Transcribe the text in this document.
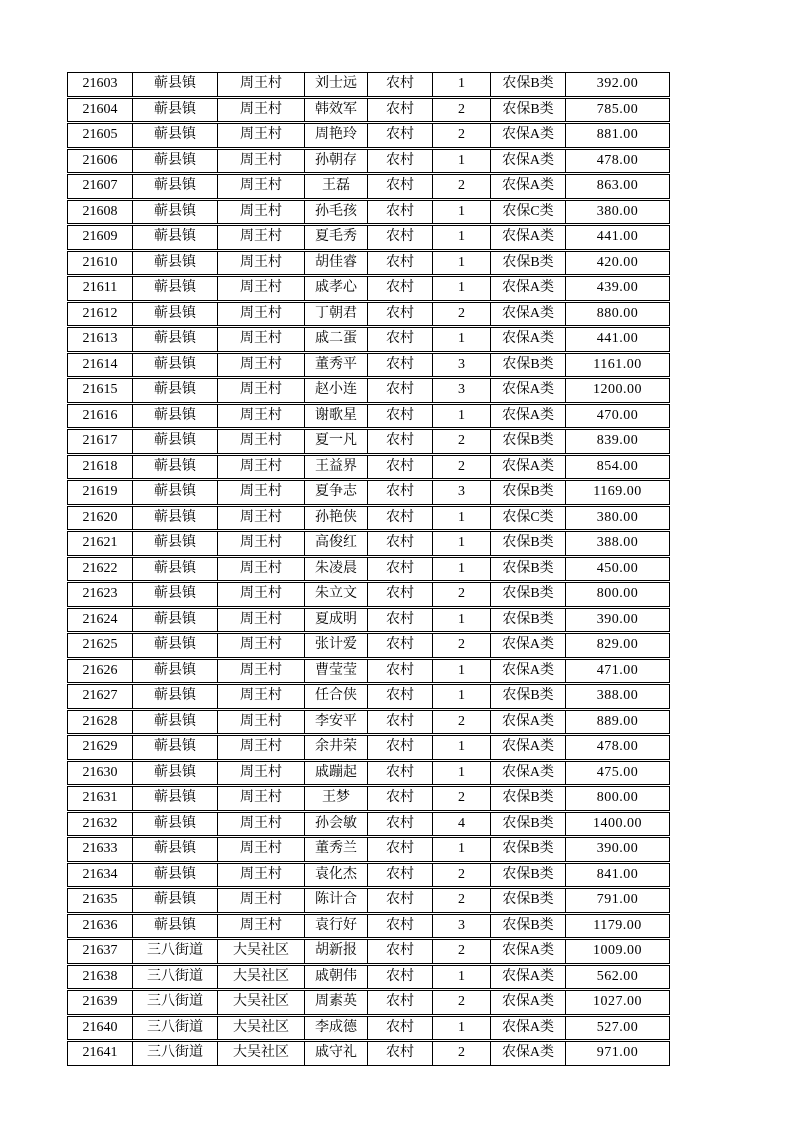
21603	蕲县镇	周王村	刘士远	农村	1	农保B类	392.00
21604	蕲县镇	周王村	韩效军	农村	2	农保B类	785.00
21605	蕲县镇	周王村	周艳玲	农村	2	农保A类	881.00
21606	蕲县镇	周王村	孙朝存	农村	1	农保A类	478.00
21607	蕲县镇	周王村	王磊	农村	2	农保A类	863.00
21608	蕲县镇	周王村	孙毛孩	农村	1	农保C类	380.00
21609	蕲县镇	周王村	夏毛秀	农村	1	农保A类	441.00
21610	蕲县镇	周王村	胡佳睿	农村	1	农保B类	420.00
21611	蕲县镇	周王村	戚孝心	农村	1	农保A类	439.00
21612	蕲县镇	周王村	丁朝君	农村	2	农保A类	880.00
21613	蕲县镇	周王村	戚二蛋	农村	1	农保A类	441.00
21614	蕲县镇	周王村	董秀平	农村	3	农保B类	1161.00
21615	蕲县镇	周王村	赵小连	农村	3	农保A类	1200.00
21616	蕲县镇	周王村	谢歌星	农村	1	农保A类	470.00
21617	蕲县镇	周王村	夏一凡	农村	2	农保B类	839.00
21618	蕲县镇	周王村	王益界	农村	2	农保A类	854.00
21619	蕲县镇	周王村	夏争志	农村	3	农保B类	1169.00
21620	蕲县镇	周王村	孙艳侠	农村	1	农保C类	380.00
21621	蕲县镇	周王村	高俊红	农村	1	农保B类	388.00
21622	蕲县镇	周王村	朱凌晨	农村	1	农保B类	450.00
21623	蕲县镇	周王村	朱立文	农村	2	农保B类	800.00
21624	蕲县镇	周王村	夏成明	农村	1	农保B类	390.00
21625	蕲县镇	周王村	张计爱	农村	2	农保A类	829.00
21626	蕲县镇	周王村	曹莹莹	农村	1	农保A类	471.00
21627	蕲县镇	周王村	任合侠	农村	1	农保B类	388.00
21628	蕲县镇	周王村	李安平	农村	2	农保A类	889.00
21629	蕲县镇	周王村	余井荣	农村	1	农保A类	478.00
21630	蕲县镇	周王村	戚蹦起	农村	1	农保A类	475.00
21631	蕲县镇	周王村	王梦	农村	2	农保B类	800.00
21632	蕲县镇	周王村	孙会敏	农村	4	农保B类	1400.00
21633	蕲县镇	周王村	董秀兰	农村	1	农保B类	390.00
21634	蕲县镇	周王村	袁化杰	农村	2	农保B类	841.00
21635	蕲县镇	周王村	陈计合	农村	2	农保B类	791.00
21636	蕲县镇	周王村	袁行好	农村	3	农保B类	1179.00
21637	三八街道	大吴社区	胡新报	农村	2	农保A类	1009.00
21638	三八街道	大吴社区	戚朝伟	农村	1	农保A类	562.00
21639	三八街道	大吴社区	周素英	农村	2	农保A类	1027.00
21640	三八街道	大吴社区	李成德	农村	1	农保A类	527.00
21641	三八街道	大吴社区	戚守礼	农村	2	农保A类	971.00
